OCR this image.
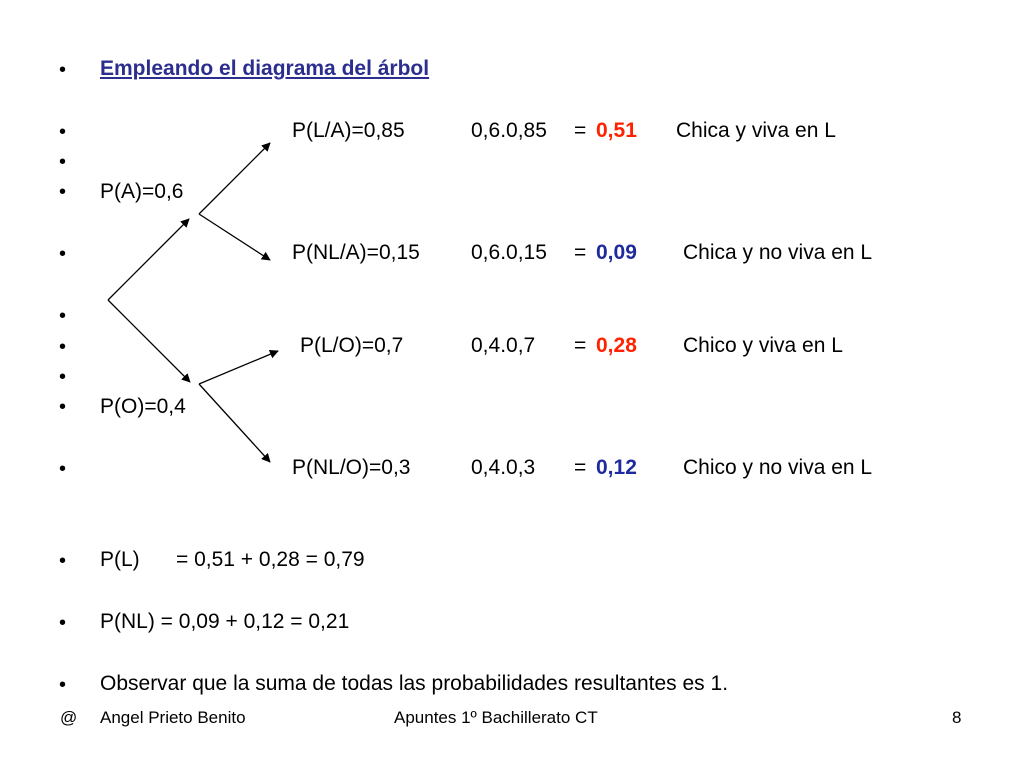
•
•
•
•
•
•
•
•
•
•
•
•
•
Empleando el diagrama del árbol
P(A)=0,6
P(O)=0,4
P(L/A)=0,85	0,6.0,85 = 0,51 Chica y viva en L
P(NL/A)=0,15 0,6.0,15 = 0,09 Chica y no viva en L
P(L/O)=0,7	0,4.0,7 = 0,28 Chico y viva en L
P(NL/O)=0,3	0,4.0,3 = 0,12 Chico y no viva en L
P(L) = 0,51 + 0,28 = 0,79
P(NL) = 0,09 + 0,12 = 0,21
Observar que la suma de todas las probabilidades resultantes es 1.
@ Angel Prieto Benito	Apuntes 1º Bachillerato CT	8
